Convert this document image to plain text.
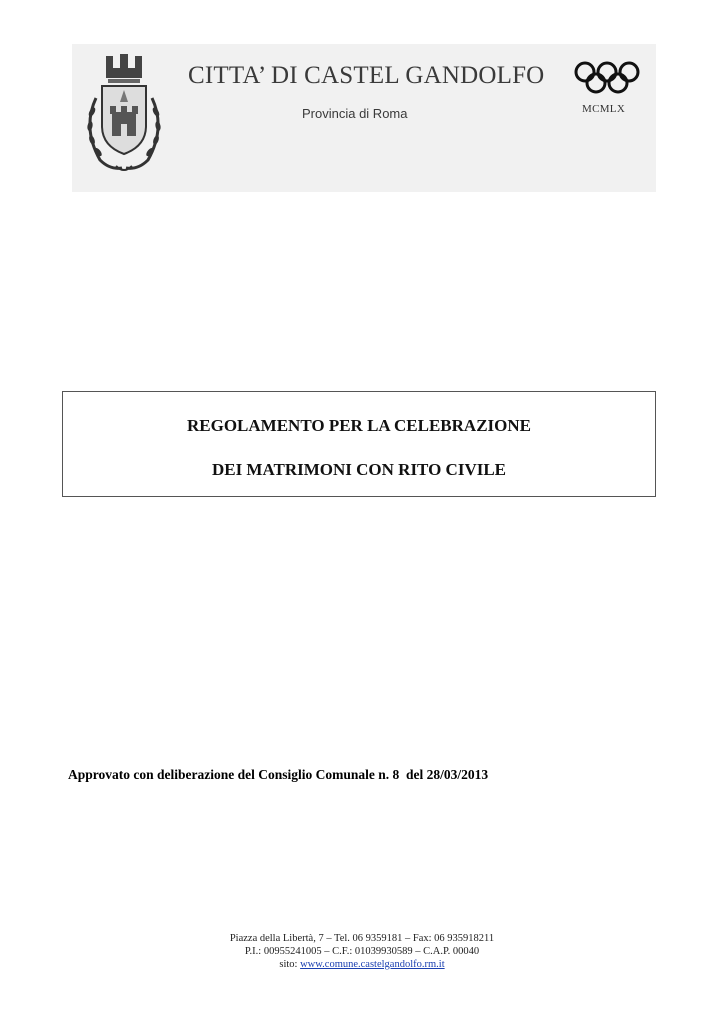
CITTA’ DI CASTEL GANDOLFO
Provincia di Roma	MCMLX
REGOLAMENTO PER LA CELEBRAZIONE
DEI MATRIMONI CON RITO CIVILE
Approvato con deliberazione del Consiglio Comunale n. 8  del 28/03/2013
Piazza della Libertà, 7 – Tel. 06 9359181 – Fax: 06 935918211
P.I.: 00955241005 – C.F.: 01039930589 – C.A.P. 00040
sito: www.comune.castelgandolfo.rm.it
